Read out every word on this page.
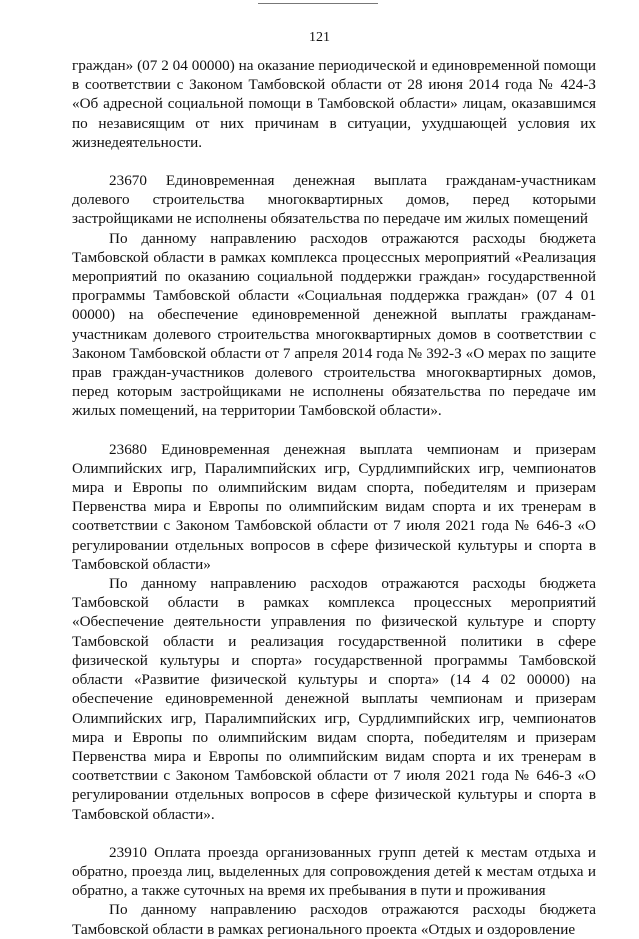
121

граждан» (07 2 04 00000) на оказание периодической и единовременной помощи в соответствии с Законом Тамбовской области от 28 июня 2014 года № 424-З «Об адресной социальной помощи в Тамбовской области» лицам, оказавшимся по независящим от них причинам в ситуации, ухудшающей условия их жизнедеятельности.

23670 Единовременная денежная выплата гражданам-участникам долевого строительства многоквартирных домов, перед которыми застройщиками не исполнены обязательства по передаче им жилых помещений

По данному направлению расходов отражаются расходы бюджета Тамбовской области в рамках комплекса процессных мероприятий «Реализация мероприятий по оказанию социальной поддержки граждан» государственной программы Тамбовской области «Социальная поддержка граждан» (07 4 01 00000) на обеспечение единовременной денежной выплаты гражданам-участникам долевого строительства многоквартирных домов в соответствии с Законом Тамбовской области от 7 апреля 2014 года № 392-З «О мерах по защите прав граждан-участников долевого строительства многоквартирных домов, перед которым застройщиками не исполнены обязательства по передаче им жилых помещений, на территории Тамбовской области».

23680 Единовременная денежная выплата чемпионам и призерам Олимпийских игр, Паралимпийских игр, Сурдлимпийских игр, чемпионатов мира и Европы по олимпийским видам спорта, победителям и призерам Первенства мира и Европы по олимпийским видам спорта и их тренерам в соответствии с Законом Тамбовской области от 7 июля 2021 года № 646-З «О регулировании отдельных вопросов в сфере физической культуры и спорта в Тамбовской области»

По данному направлению расходов отражаются расходы бюджета Тамбовской области в рамках комплекса процессных мероприятий «Обеспечение деятельности управления по физической культуре и спорту Тамбовской области и реализация государственной политики в сфере физической культуры и спорта» государственной программы Тамбовской области «Развитие физической культуры и спорта» (14 4 02 00000) на обеспечение единовременной денежной выплаты чемпионам и призерам Олимпийских игр, Паралимпийских игр, Сурдлимпийских игр, чемпионатов мира и Европы по олимпийским видам спорта, победителям и призерам Первенства мира и Европы по олимпийским видам спорта и их тренерам в соответствии с Законом Тамбовской области от 7 июля 2021 года № 646-З «О регулировании отдельных вопросов в сфере физической культуры и спорта в Тамбовской области».

23910 Оплата проезда организованных групп детей к местам отдыха и обратно, проезда лиц, выделенных для сопровождения детей к местам отдыха и обратно, а также суточных на время их пребывания в пути и проживания

По данному направлению расходов отражаются расходы бюджета Тамбовской области в рамках регионального проекта «Отдых и оздоровление
